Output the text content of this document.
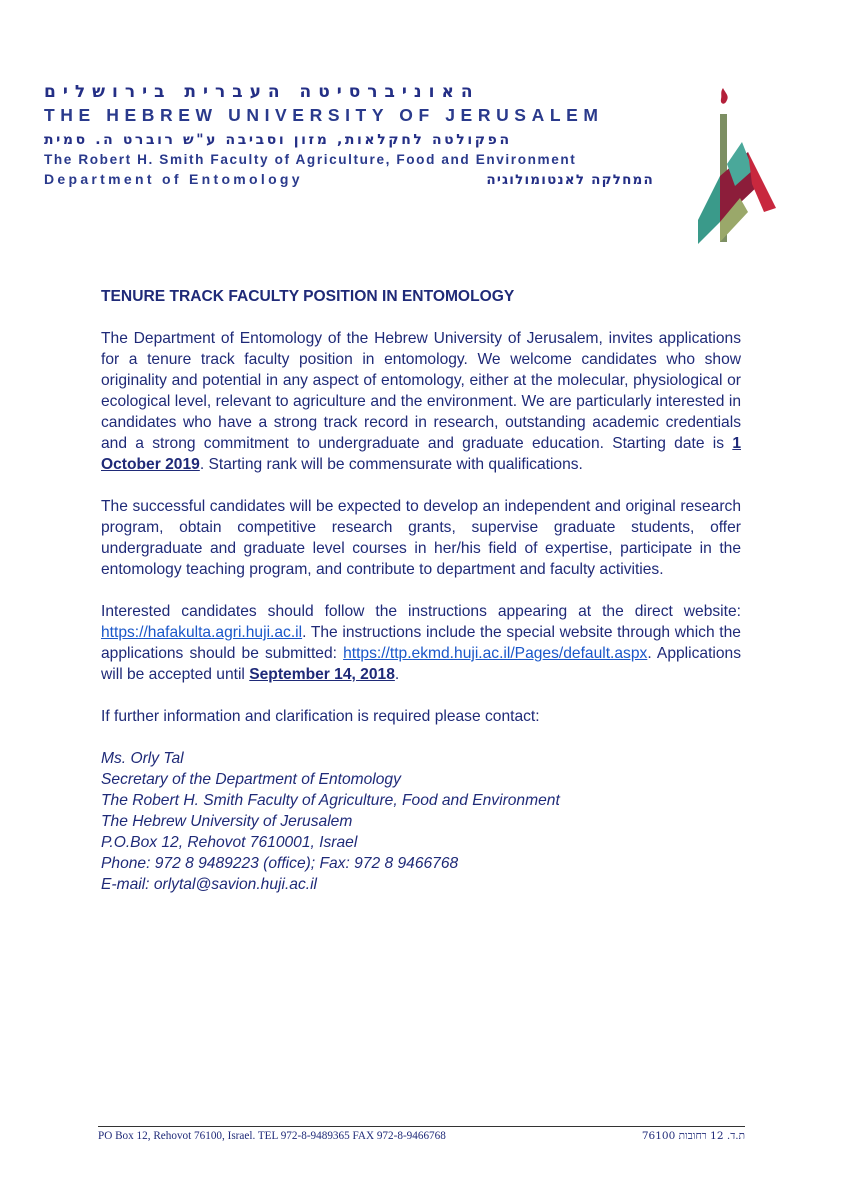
האוניברסיטה העברית בירושלים
THE HEBREW UNIVERSITY OF JERUSALEM
הפקולטה לחקלאות, מזון וסביבה ע"ש רוברט ה. סמית
The Robert H. Smith Faculty of Agriculture, Food and Environment
Department of Entomology	המחלקה לאנטומולוגיה

TENURE TRACK FACULTY POSITION IN ENTOMOLOGY

The Department of Entomology of the Hebrew University of Jerusalem, invites applications for a tenure track faculty position in entomology. We welcome candidates who show originality and potential in any aspect of entomology, either at the molecular, physiological or ecological level, relevant to agriculture and the environment. We are particularly interested in candidates who have a strong track record in research, outstanding academic credentials and a strong commitment to undergraduate and graduate education. Starting date is 1 October 2019. Starting rank will be commensurate with qualifications.

The successful candidates will be expected to develop an independent and original research program, obtain competitive research grants, supervise graduate students, offer undergraduate and graduate level courses in her/his field of expertise, participate in the entomology teaching program, and contribute to department and faculty activities.

Interested candidates should follow the instructions appearing at the direct website: https://hafakulta.agri.huji.ac.il. The instructions include the special website through which the applications should be submitted: https://ttp.ekmd.huji.ac.il/Pages/default.aspx. Applications will be accepted until September 14, 2018.

If further information and clarification is required please contact:

Ms. Orly Tal
Secretary of the Department of Entomology
The Robert H. Smith Faculty of Agriculture, Food and Environment
The Hebrew University of Jerusalem
P.O.Box 12, Rehovot 7610001, Israel
Phone: 972 8 9489223 (office); Fax: 972 8 9466768
E-mail: orlytal@savion.huji.ac.il
PO Box 12, Rehovot 76100, Israel. TEL 972-8-9489365 FAX 972-8-9466768	ת.ד. 12 רחובות 76100
